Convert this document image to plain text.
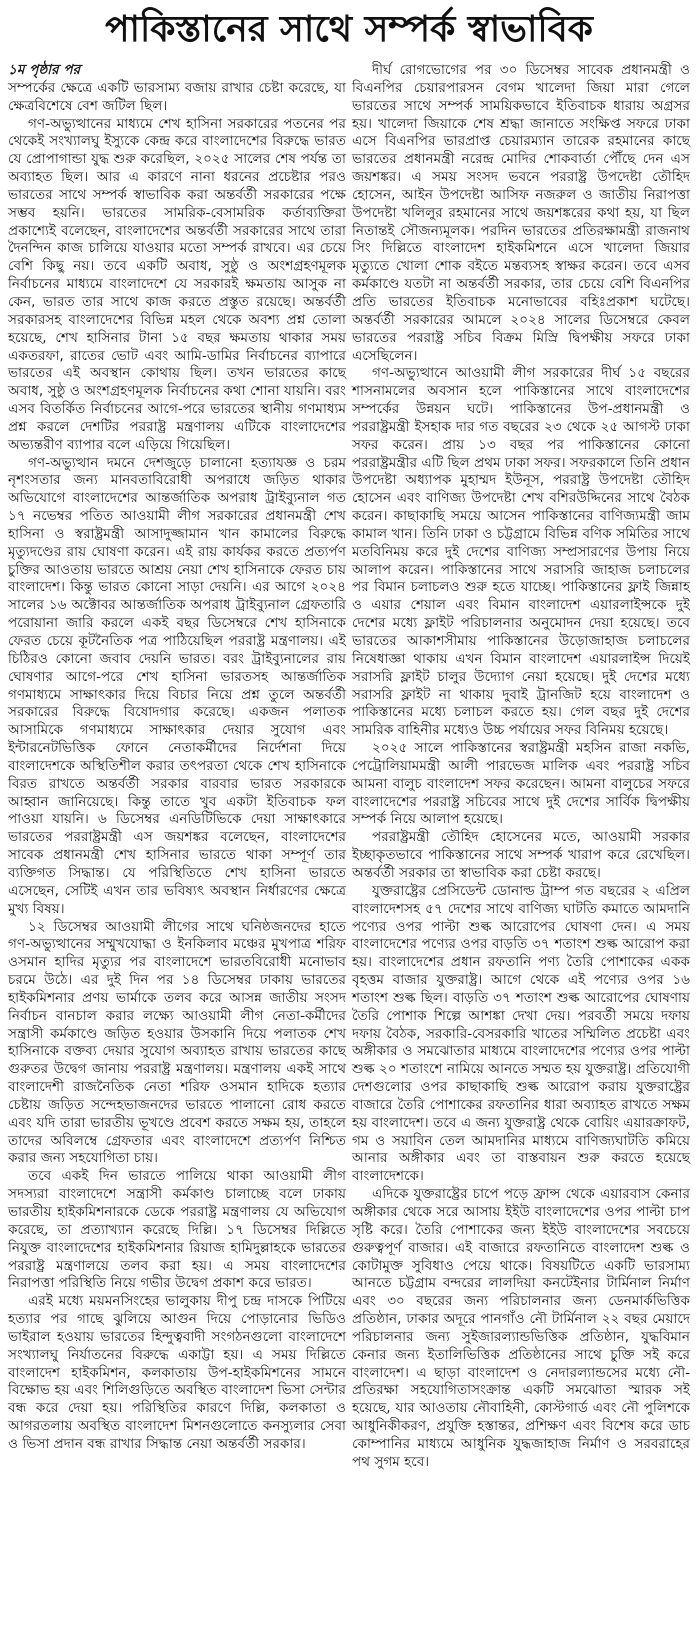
পাকিস্তানের সাথে সম্পর্ক স্বাভাবিক
১ম পৃষ্ঠার পর

সম্পর্কের ক্ষেত্রে একটি ভারসাম্য বজায় রাখার চেষ্টা করেছে, যা ক্ষেত্রবিশেষে বেশ জটিল ছিল।

গণ-অভ্যুত্থানের মাধ্যমে শেখ হাসিনা সরকারের পতনের পর থেকেই সংখ্যালঘু ইস্যুকে কেন্দ্র করে বাংলাদেশের বিরুদ্ধে ভারত যে প্রোপাগান্ডা যুদ্ধ শুরু করেছিল, ২০২৫ সালের শেষ পর্যন্ত তা অব্যাহত ছিল। আর এ কারণে নানা ধরনের প্রচেষ্টার পরও ভারতের সাথে সম্পর্ক স্বাভাবিক করা অন্তর্বর্তী সরকারের পক্ষে সম্ভব হয়নি। ভারতের সামরিক-বেসামরিক কর্তাব্যক্তিরা প্রকাশ্যেই বলেছেন, বাংলাদেশের অন্তর্বর্তী সরকারের সাথে তারা দৈনন্দিন কাজ চালিয়ে যাওয়ার মতো সম্পর্ক রাখবে। এর চেয়ে বেশি কিছু নয়। তবে একটি অবাধ, সুষ্ঠু ও অংশগ্রহণমূলক নির্বাচনের মাধ্যমে বাংলাদেশে যে সরকারই ক্ষমতায় আসুক না কেন, ভারত তার সাথে কাজ করতে প্রস্তুত রয়েছে। অন্তর্বর্তী সরকারসহ বাংলাদেশের বিভিন্ন মহল থেকে অবশ্য প্রশ্ন তোলা হয়েছে, শেখ হাসিনার টানা ১৫ বছর ক্ষমতায় থাকার সময় একতরফা, রাতের ভোট এবং আমি-ডামির নির্বাচনের ব্যাপারে ভারতের এই অবস্থান কোথায় ছিল। তখন ভারতের কাছে অবাধ, সুষ্ঠু ও অংশগ্রহণমূলক নির্বাচনের কথা শোনা যায়নি। বরং এসব বিতর্কিত নির্বাচনের আগে-পরে ভারতের স্থানীয় গণমাধ্যম প্রশ্ন করলে দেশটির পররাষ্ট্র মন্ত্রণালয় এটিকে বাংলাদেশের অভ্যন্তরীণ ব্যাপার বলে এড়িয়ে গিয়েছিল।

গণ-অভ্যুত্থান দমনে দেশজুড়ে চালানো হত্যাযজ্ঞ ও চরম নৃশংসতার জন্য মানবতাবিরোধী অপরাধে জড়িত থাকার অভিযোগে বাংলাদেশের আন্তর্জাতিক অপরাধ ট্রাইব্যুনাল গত ১৭ নভেম্বর পতিত আওয়ামী লীগ সরকারের প্রধানমন্ত্রী শেখ হাসিনা ও স্বরাষ্ট্রমন্ত্রী আসাদুজ্জামান খান কামালের বিরুদ্ধে মৃত্যুদণ্ডের রায় ঘোষণা করেন। এই রায় কার্যকর করতে প্রত্যর্পণ চুক্তির আওতায় ভারতে আশ্রয় নেয়া শেখ হাসিনাকে ফেরত চায় বাংলাদেশ। কিন্তু ভারত কোনো সাড়া দেয়নি। এর আগে ২০২৪ সালের ১৬ অক্টোবর আন্তর্জাতিক অপরাধ ট্রাইব্যুনাল গ্রেফতারি পরোয়ানা জারি করলে একই বছর ডিসেম্বরে শেখ হাসিনাকে ফেরত চেয়ে কূটনৈতিক পত্র পাঠিয়েছিল পররাষ্ট্র মন্ত্রণালয়। এই চিঠিরও কোনো জবাব দেয়নি ভারত। বরং ট্রাইব্যুনালের রায় ঘোষণার আগে-পরে শেখ হাসিনা ভারতসহ আন্তর্জাতিক গণমাধ্যমে সাক্ষাৎকার দিয়ে বিচার নিয়ে প্রশ্ন তুলে অন্তর্বর্তী সরকারের বিরুদ্ধে বিষোদগার করেছে। একজন পলাতক আসামিকে গণমাধ্যমে সাক্ষাৎকার দেয়ার সুযোগ এবং ইন্টারনেটভিত্তিক ফোনে নেতাকর্মীদের নির্দেশনা দিয়ে বাংলাদেশকে অস্থিতিশীল করার তৎপরতা থেকে শেখ হাসিনাকে বিরত রাখতে অন্তর্বর্তী সরকার বারবার ভারত সরকারকে আহ্বান জানিয়েছে। কিন্তু তাতে খুব একটা ইতিবাচক ফল পাওয়া যায়নি। ৬ ডিসেম্বর এনডিটিভিকে দেয়া সাক্ষাৎকারে ভারতের পররাষ্ট্রমন্ত্রী এস জয়শঙ্কর বলেছেন, বাংলাদেশের সাবেক প্রধানমন্ত্রী শেখ হাসিনার ভারতে থাকা সম্পূর্ণ তার ব্যক্তিগত সিদ্ধান্ত। যে পরিস্থিতিতে শেখ হাসিনা ভারতে এসেছেন, সেটিই এখন তার ভবিষ্যৎ অবস্থান নির্ধারণের ক্ষেত্রে মুখ্য বিষয়।

১২ ডিসেম্বর আওয়ামী লীগের সাথে ঘনিষ্ঠজনদের হাতে গণ-অভ্যুত্থানের সম্মুখযোদ্ধা ও ইনকিলাব মঞ্চের মুখপাত্র শরিফ ওসমান হাদির মৃত্যুর পর বাংলাদেশে ভারতবিরোধী মনোভাব চরমে উঠে। এর দুই দিন পর ১৪ ডিসেম্বর ঢাকায় ভারতের হাইকমিশনার প্রণয় ভার্মাকে তলব করে আসন্ন জাতীয় সংসদ নির্বাচন বানচাল করার লক্ষ্যে আওয়ামী লীগ নেতা-কর্মীদের সন্ত্রাসী কর্মকাণ্ডে জড়িত হওয়ার উসকানি দিয়ে পলাতক শেখ হাসিনাকে বক্তব্য দেয়ার সুযোগ অব্যাহত রাখায় ভারতের কাছে গুরুতর উদ্বেগ জানায় পররাষ্ট্র মন্ত্রণালয়। মন্ত্রণালয় একই সাথে বাংলাদেশী রাজনৈতিক নেতা শরিফ ওসমান হাদিকে হত্যার চেষ্টায় জড়িত সন্দেহভাজনদের ভারতে পালানো রোধ করতে এবং যদি তারা ভারতীয় ভূখণ্ডে প্রবেশ করতে সক্ষম হয়, তাহলে তাদের অবিলম্বে গ্রেফতার এবং বাংলাদেশে প্রত্যর্পণ নিশ্চিত করার জন্য সহযোগিতা চায়।

তবে একই দিন ভারতে পালিয়ে থাকা আওয়ামী লীগ সদস্যরা বাংলাদেশে সন্ত্রাসী কর্মকাণ্ড চালাচ্ছে বলে ঢাকায় ভারতীয় হাইকমিশনারকে ডেকে পররাষ্ট্র মন্ত্রণালয় যে অভিযোগ করেছে, তা প্রত্যাখ্যান করেছে দিল্লি। ১৭ ডিসেম্বর দিল্লিতে নিযুক্ত বাংলাদেশের হাইকমিশনার রিয়াজ হামিদুল্লাহকে ভারতের পররাষ্ট্র মন্ত্রণালয়ে তলব করা হয়। এ সময় বাংলাদেশের নিরাপত্তা পরিস্থিতি নিয়ে গভীর উদ্বেগ প্রকাশ করে ভারত।

এরই মধ্যে ময়মনসিংহের ভালুকায় দীপু চন্দ্র দাসকে পিটিয়ে হত্যার পর গাছে ঝুলিয়ে আগুন দিয়ে পোড়ানোর ভিডিও ভাইরাল হওয়ায় ভারতের হিন্দুত্ববাদী সংগঠনগুলো বাংলাদেশে সংখ্যালঘু নির্যাতনের বিরুদ্ধে একাট্টা হয়। এ সময় দিল্লিতে বাংলাদেশ হাইকমিশন, কলকাতায় উপ-হাইকমিশনের সামনে বিক্ষোভ হয় এবং শিলিগুড়িতে অবস্থিত বাংলাদেশ ভিসা সেন্টার বন্ধ করে দেয়া হয়। পরিস্থিতির কারণে দিল্লি, কলকাতা ও আগরতলায় অবস্থিত বাংলাদেশ মিশনগুলোতে কনস্যুলার সেবা ও ভিসা প্রদান বন্ধ রাখার সিদ্ধান্ত নেয়া অন্তর্বর্তী সরকার।

দীর্ঘ রোগভোগের পর ৩০ ডিসেম্বর সাবেক প্রধানমন্ত্রী ও বিএনপির চেয়ারপারসন বেগম খালেদা জিয়া মারা গেলে ভারতের সাথে সম্পর্ক সাময়িকভাবে ইতিবাচক ধারায় অগ্রসর হয়। খালেদা জিয়াকে শেষ শ্রদ্ধা জানাতে সংক্ষিপ্ত সফরে ঢাকা এসে বিএনপির ভারপ্রাপ্ত চেয়ারম্যান তারেক রহমানের কাছে ভারতের প্রধানমন্ত্রী নরেন্দ্র মোদির শোকবার্তা পৌঁছে দেন এস জয়শঙ্কর। এ সময় সংসদ ভবনে পররাষ্ট্র উপদেষ্টা তৌহিদ হোসেন, আইন উপদেষ্টা আসিফ নজরুল ও জাতীয় নিরাপত্তা উপদেষ্টা খলিলুর রহমানের সাথে জয়শঙ্করের কথা হয়, যা ছিল নিতান্তই সৌজন্যমূলক। পরদিন ভারতের প্রতিরক্ষামন্ত্রী রাজনাথ সিং দিল্লিতে বাংলাদেশ হাইকমিশনে এসে খালেদা জিয়ার মৃত্যুতে খোলা শোক বইতে মন্তব্যসহ স্বাক্ষর করেন। তবে এসব কর্মকাণ্ডে যতটা না অন্তর্বর্তী সরকার, তার চেয়ে বেশি বিএনপির প্রতি ভারতের ইতিবাচক মনোভাবের বহিঃপ্রকাশ ঘটেছে। অন্তর্বর্তী সরকারের আমলে ২০২৪ সালের ডিসেম্বরে কেবল ভারতের পররাষ্ট্র সচিব বিক্রম মিস্রি দ্বিপক্ষীয় সফরে ঢাকা এসেছিলেন।

গণ-অভ্যুত্থানে আওয়ামী লীগ সরকারের দীর্ঘ ১৫ বছরের শাসনামলের অবসান হলে পাকিস্তানের সাথে বাংলাদেশের সম্পর্কের উন্নয়ন ঘটে। পাকিস্তানের উপ-প্রধানমন্ত্রী ও পররাষ্ট্রমন্ত্রী ইসহাক দার গত বছরের ২৩ থেকে ২৫ আগস্ট ঢাকা সফর করেন। প্রায় ১৩ বছর পর পাকিস্তানের কোনো পররাষ্ট্রমন্ত্রীর এটি ছিল প্রথম ঢাকা সফর। সফরকালে তিনি প্রধান উপদেষ্টা অধ্যাপক মুহাম্মদ ইউনূস, পররাষ্ট্র উপদেষ্টা তৌহিদ হোসেন এবং বাণিজ্য উপদেষ্টা শেখ বশিরউদ্দিনের সাথে বৈঠক করেন। কাছাকাছি সময়ে আসেন পাকিস্তানের বাণিজ্যমন্ত্রী জাম কামাল খান। তিনি ঢাকা ও চট্টগ্রামে বিভিন্ন বণিক সমিতির সাথে মতবিনিময় করে দুই দেশের বাণিজ্য সম্প্রসারণের উপায় নিয়ে আলাপ করেন। পাকিস্তানের সাথে সরাসরি জাহাজ চলাচলের পর বিমান চলাচলও শুরু হতে যাচ্ছে। পাকিস্তানের ফ্লাই জিন্নাহ ও এয়ার শেয়াল এবং বিমান বাংলাদেশ এয়ারলাইন্সকে দুই দেশের মধ্যে ফ্লাইট পরিচালনার অনুমোদন দেয়া হয়েছে। তবে ভারতের আকাশসীমায় পাকিস্তানের উড়োজাহাজ চলাচলের নিষেধাজ্ঞা থাকায় এখন বিমান বাংলাদেশ এয়ারলাইন্স দিয়েই সরাসরি ফ্লাইট চালুর উদ্যোগ নেয়া হয়েছে। দুই দেশের মধ্যে সরাসরি ফ্লাইট না থাকায় দুবাই ট্রানজিট হয়ে বাংলাদেশ ও পাকিস্তানের মধ্যে চলাচল করতে হয়। গেল বছর দুই দেশের সামরিক বাহিনীর মধ্যেও উচ্চ পর্যায়ের সফর বিনিময় হয়েছে।

২০২৫ সালে পাকিস্তানের স্বরাষ্ট্রমন্ত্রী মহসিন রাজা নকভি, পেট্রোলিয়ামমন্ত্রী আলী পারভেজ মালিক এবং পররাষ্ট্র সচিব আমনা বালুচ বাংলাদেশ সফর করেছেন। আমনা বালুচের সফরে বাংলাদেশের পররাষ্ট্র সচিবের সাথে দুই দেশের সার্বিক দ্বিপক্ষীয় সম্পর্ক নিয়ে আলাপ হয়েছে।

পররাষ্ট্রমন্ত্রী তৌহিদ হোসেনের মতে, আওয়ামী সরকার ইচ্ছাকৃতভাবে পাকিস্তানের সাথে সম্পর্ক খারাপ করে রেখেছিল। অন্তর্বর্তী সরকার তা স্বাভাবিক করা চেষ্টা করছে।

যুক্তরাষ্ট্রের প্রেসিডেন্ট ডোনাল্ড ট্রাম্প গত বছরের ২ এপ্রিল বাংলাদেশসহ ৫৭ দেশের সাথে বাণিজ্য ঘাটতি কমাতে আমদানি পণ্যের ওপর পাল্টা শুল্ক আরোপের ঘোষণা দেন। এ সময় বাংলাদেশের পণ্যের ওপর বাড়তি ৩৭ শতাংশ শুল্ক আরোপ করা হয়। বাংলাদেশের প্রধান রফতানি পণ্য তৈরি পোশাকের একক বৃহত্তম বাজার যুক্তরাষ্ট্র। আগে থেকে এই পণ্যের ওপর ১৬ শতাংশ শুল্ক ছিল। বাড়তি ৩৭ শতাংশ শুল্ক আরোপের ঘোষণায় তৈরি পোশাক শিল্পে আশঙ্কা দেখা দেয়। পরবর্তী সময়ে দফায় দফায় বৈঠক, সরকারি-বেসরকারি খাতের সম্মিলিত প্রচেষ্টা এবং অঙ্গীকার ও সমঝোতার মাধ্যমে বাংলাদেশের পণ্যের ওপর পাল্টা শুল্ক ২০ শতাংশে নামিয়ে আনতে সম্মত হয় যুক্তরাষ্ট্র। প্রতিযোগী দেশগুলোর ওপর কাছাকাছি শুল্ক আরোপ করায় যুক্তরাষ্ট্রের বাজারে তৈরি পোশাকের রফতানির ধারা অব্যাহত রাখতে সক্ষম হয় বাংলাদেশ। তবে এ জন্য যুক্তরাষ্ট্র থেকে বোয়িং এয়ারক্রাফট, গম ও সয়াবিন তেল আমদানির মাধ্যমে বাণিজ্যঘাটতি কমিয়ে আনার অঙ্গীকার এবং তা বাস্তবায়ন শুরু করতে হয়েছে বাংলাদেশকে।

এদিকে যুক্তরাষ্ট্রের চাপে পড়ে ফ্রান্স থেকে এয়ারবাস কেনার অঙ্গীকার থেকে সরে আসায় ইইউ বাংলাদেশের ওপর পাল্টা চাপ সৃষ্টি করে। তৈরি পোশাকের জন্য ইইউ বাংলাদেশের সবচেয়ে গুরুত্বপূর্ণ বাজার। এই বাজারে রফতানিতে বাংলাদেশ শুল্ক ও কোটামুক্ত সুবিধাও পেয়ে থাকে। বিষয়টিতে একটি ভারসাম্য আনতে চট্টগ্রাম বন্দরের লালদিয়া কনটেইনার টার্মিনাল নির্মাণ এবং ৩০ বছরের জন্য পরিচালনার জন্য ডেনমার্কভিত্তিক প্রতিষ্ঠান, ঢাকার অদূরে পানগাঁও নৌ টার্মিনাল ২২ বছর মেয়াদে পরিচালনার জন্য সুইজারল্যান্ডভিত্তিক প্রতিষ্ঠান, যুদ্ধবিমান কেনার জন্য ইতালিভিত্তিক প্রতিষ্ঠানের সাথে চুক্তি সই করে বাংলাদেশ। এ ছাড়া বাংলাদেশ ও নেদারল্যান্ডসের মধ্যে নৌ-প্রতিরক্ষা সহযোগিতাসংক্রান্ত একটি সমঝোতা স্মারক সই হয়েছে, যার আওতায় নৌবাহিনী, কোস্টগার্ড এবং নৌ পুলিশকে আধুনিকীকরণ, প্রযুক্তি হস্তান্তর, প্রশিক্ষণ এবং বিশেষ করে ডাচ কোম্পানির মাধ্যমে আধুনিক যুদ্ধজাহাজ নির্মাণ ও সরবরাহের পথ সুগম হবে।
